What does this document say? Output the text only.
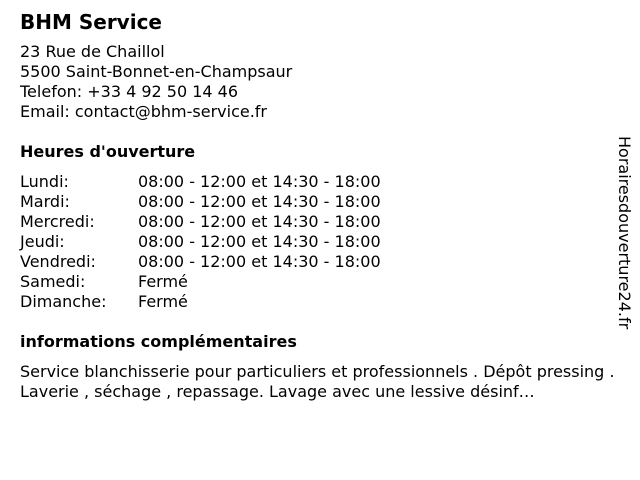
BHM Service
23 Rue de Chaillol
5500 Saint-Bonnet-en-Champsaur
Telefon: +33 4 92 50 14 46
Email: contact@bhm-service.fr
Heures d'ouverture
Lundi:	08:00 - 12:00 et 14:30 - 18:00
Mardi:	08:00 - 12:00 et 14:30 - 18:00
Mercredi:	08:00 - 12:00 et 14:30 - 18:00
Jeudi:	08:00 - 12:00 et 14:30 - 18:00
Vendredi:	08:00 - 12:00 et 14:30 - 18:00
Samedi:	Fermé
Dimanche:	Fermé
informations complémentaires
Service blanchisserie pour particuliers et professionnels . Dépôt pressing . Laverie , séchage , repassage. Lavage avec une lessive désinf…
Horairesdouverture24.fr
